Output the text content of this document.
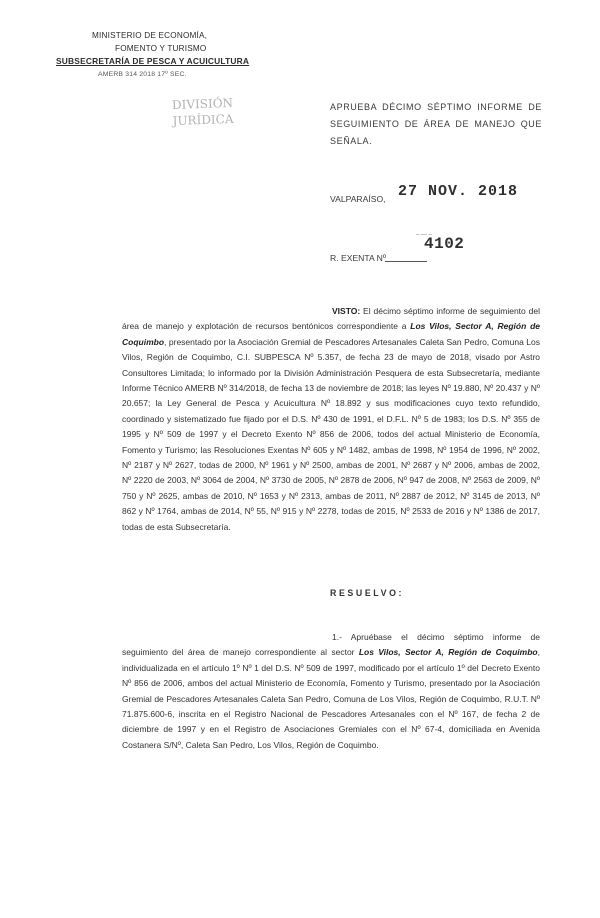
MINISTERIO DE ECONOMÍA,
FOMENTO Y TURISMO
SUBSECRETARÍA DE PESCA Y ACUICULTURA
AMERB 314 2018 17º SEC.
DIVISIÓN
JURÍDICA
APRUEBA DÉCIMO SÉPTIMO INFORME DE SEGUIMIENTO DE ÁREA DE MANEJO QUE SEÑALA.
VALPARAÍSO, 27 NOV. 2018
– — –
4102
R. EXENTA Nº
VISTO: El décimo séptimo informe de seguimiento del área de manejo y explotación de recursos bentónicos correspondiente a Los Vilos, Sector A, Región de Coquimbo, presentado por la Asociación Gremial de Pescadores Artesanales Caleta San Pedro, Comuna Los Vilos, Región de Coquimbo, C.I. SUBPESCA Nº 5.357, de fecha 23 de mayo de 2018, visado por Astro Consultores Limitada; lo informado por la División Administración Pesquera de esta Subsecretaría, mediante Informe Técnico AMERB Nº 314/2018, de fecha 13 de noviembre de 2018; las leyes Nº 19.880, Nº 20.437 y Nº 20.657; la Ley General de Pesca y Acuicultura Nº 18.892 y sus modificaciones cuyo texto refundido, coordinado y sistematizado fue fijado por el D.S. Nº 430 de 1991, el D.F.L. Nº 5 de 1983; los D.S. Nº 355 de 1995 y Nº 509 de 1997 y el Decreto Exento Nº 856 de 2006, todos del actual Ministerio de Economía, Fomento y Turismo; las Resoluciones Exentas Nº 605 y Nº 1482, ambas de 1998, Nº 1954 de 1996, Nº 2002, Nº 2187 y Nº 2627, todas de 2000, Nº 1961 y Nº 2500, ambas de 2001, Nº 2687 y Nº 2006, ambas de 2002, Nº 2220 de 2003, Nº 3064 de 2004, Nº 3730 de 2005, Nº 2878 de 2006, Nº 947 de 2008, Nº 2563 de 2009, Nº 750 y Nº 2625, ambas de 2010, Nº 1653 y Nº 2313, ambas de 2011, Nº 2887 de 2012, Nº 3145 de 2013, Nº 862 y Nº 1764, ambas de 2014, Nº 55, Nº 915 y Nº 2278, todas de 2015, Nº 2533 de 2016 y Nº 1386 de 2017, todas de esta Subsecretaría.
RESUELVO:
1.- Apruébase el décimo séptimo informe de seguimiento del área de manejo correspondiente al sector Los Vilos, Sector A, Región de Coquimbo, individualizada en el artículo 1º Nº 1 del D.S. Nº 509 de 1997, modificado por el artículo 1º del Decreto Exento Nº 856 de 2006, ambos del actual Ministerio de Economía, Fomento y Turismo, presentado por la Asociación Gremial de Pescadores Artesanales Caleta San Pedro, Comuna de Los Vilos, Región de Coquimbo, R.U.T. Nº 71.875.600-6, inscrita en el Registro Nacional de Pescadores Artesanales con el Nº 167, de fecha 2 de diciembre de 1997 y en el Registro de Asociaciones Gremiales con el Nº 67-4, domiciliada en Avenida Costanera S/Nº, Caleta San Pedro, Los Vilos, Región de Coquimbo.
